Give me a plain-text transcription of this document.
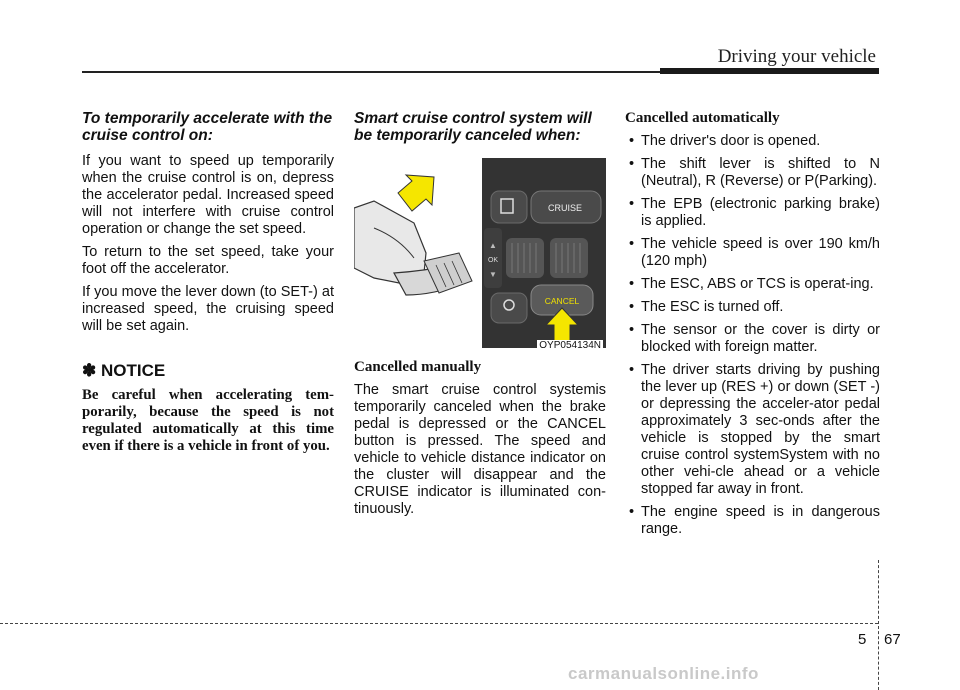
Driving your vehicle

To temporarily accelerate with the cruise control on:

If you want to speed up temporarily when the cruise control is on, depress the accelerator pedal. Increased speed will not interfere with cruise control operation or change the set speed.

To return to the set speed, take your foot off the accelerator.

If you move the lever down (to SET-) at increased speed, the cruising speed will be set again.

✽ NOTICE

Be careful when accelerating tem-porarily, because the speed is not regulated automatically at this time even if there is a vehicle in front of you.

Smart cruise control system will be temporarily canceled when:

CRUISE
▲
OK
▼
CANCEL
OYP054134N

Cancelled manually

The smart cruise control systemis temporarily canceled when the brake pedal is depressed or the CANCEL button is pressed. The speed and vehicle to vehicle distance indicator on the cluster will disappear and the CRUISE indicator is illuminated con-tinuously.

Cancelled automatically

• The driver's door is opened.
• The shift lever is shifted to N (Neutral), R (Reverse) or P(Parking).
• The EPB (electronic parking brake) is applied.
• The vehicle speed is over 190 km/h (120 mph)
• The ESC, ABS or TCS is operat-ing.
• The ESC is turned off.
• The sensor or the cover is dirty or blocked with foreign matter.
• The driver starts driving by pushing the lever up (RES +) or down (SET -) or depressing the acceler-ator pedal approximately 3 sec-onds after the vehicle is stopped by the smart cruise control systemSystem with no other vehi-cle ahead or a vehicle stopped far away in front.
• The engine speed is in dangerous range.
5 67
carmanualsonline.info
